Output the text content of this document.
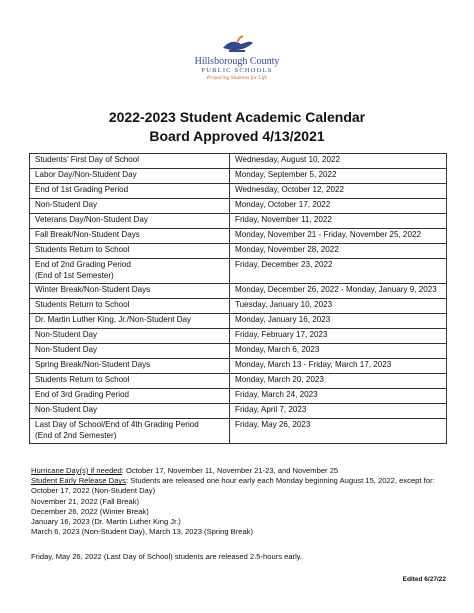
Hillsborough County
PUBLIC SCHOOLS
Preparing Students for Life
2022-2023 Student Academic Calendar
Board Approved 4/13/2021
Students’ First Day of School	Wednesday, August 10, 2022

Labor Day/Non-Student Day	Monday, September 5, 2022

End of 1st Grading Period	Wednesday, October 12, 2022

Non-Student Day	Monday, October 17, 2022

Veterans Day/Non-Student Day	Friday, November 11, 2022

Fall Break/Non-Student Days	Monday, November 21 - Friday, November 25, 2022

Students Return to School	Monday, November 28, 2022

End of 2nd Grading Period
(End of 1st Semester)	Friday, December 23, 2022

Winter Break/Non-Student Days	Monday, December 26, 2022 - Monday, January 9, 2023

Students Return to School	Tuesday, January 10, 2023

Dr. Martin Luther King, Jr./Non-Student Day	Monday, January 16, 2023

Non-Student Day	Friday, February 17, 2023

Non-Student Day	Monday, March 6, 2023

Spring Break/Non-Student Days	Monday, March 13 - Friday, March 17, 2023

Students Return to School	Monday, March 20, 2023

End of 3rd Grading Period	Friday, March 24, 2023

Non-Student Day	Friday, April 7, 2023

Last Day of School/End of 4th Grading Period
(End of 2nd Semester)	Friday, May 26, 2023
Hurricane Day(s) if needed: October 17, November 11, November 21-23, and November 25
Student Early Release Days: Students are released one hour early each Monday beginning August 15, 2022, except for:
October 17, 2022 (Non-Student Day)
November 21, 2022 (Fall Break)
December 26, 2022 (Winter Break)
January 16, 2023 (Dr. Martin Luther King Jr.)
March 6, 2023 (Non-Student Day), March 13, 2023 (Spring Break)
Friday, May 26, 2022 (Last Day of School) students are released 2.5-hours early.
Edited 6/27/22
